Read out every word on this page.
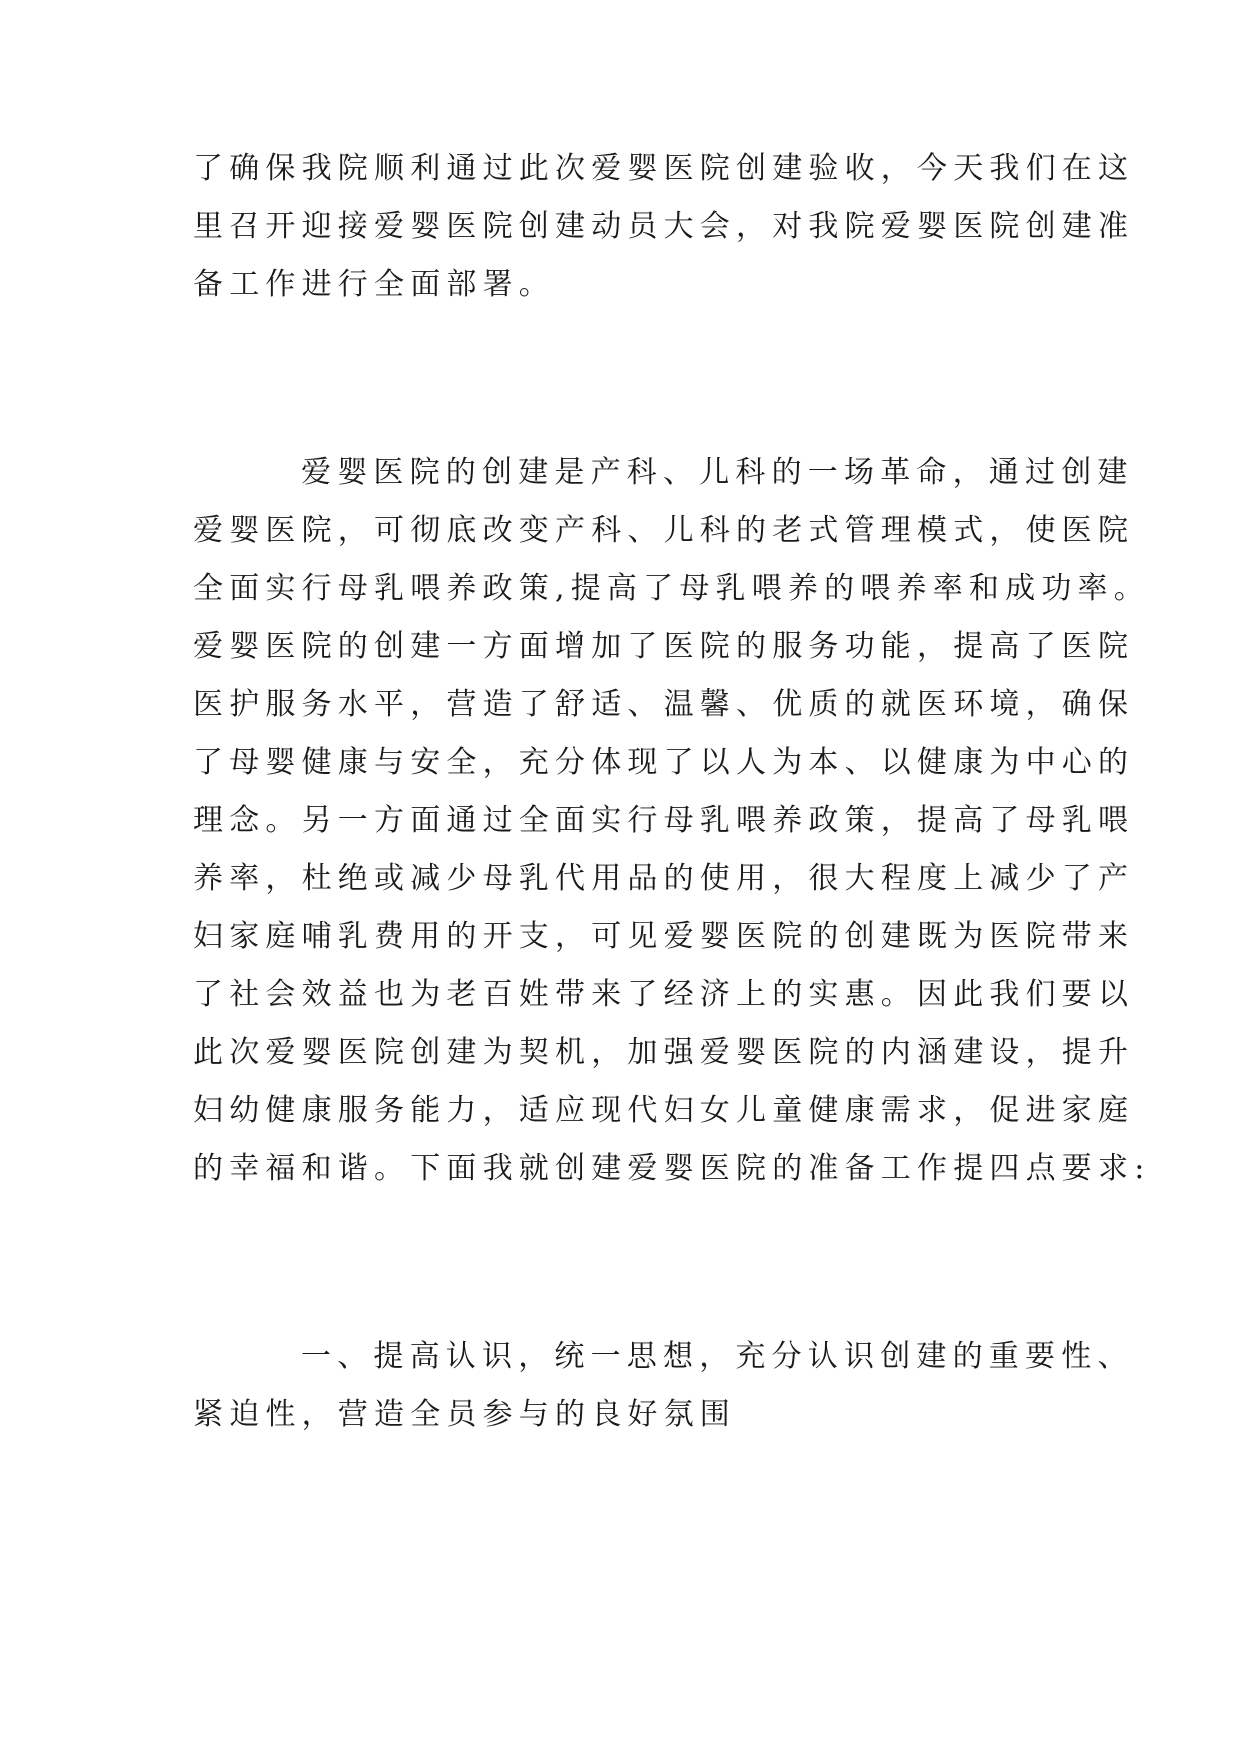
了确保我院顺利通过此次爱婴医院创建验收，今天我们在这
里召开迎接爱婴医院创建动员大会，对我院爱婴医院创建准
备工作进行全面部署。
爱婴医院的创建是产科、儿科的一场革命，通过创建
爱婴医院，可彻底改变产科、儿科的老式管理模式，使医院
全面实行母乳喂养政策,提高了母乳喂养的喂养率和成功率。
爱婴医院的创建一方面增加了医院的服务功能，提高了医院
医护服务水平，营造了舒适、温馨、优质的就医环境，确保
了母婴健康与安全，充分体现了以人为本、以健康为中心的
理念。另一方面通过全面实行母乳喂养政策，提高了母乳喂
养率，杜绝或减少母乳代用品的使用，很大程度上减少了产
妇家庭哺乳费用的开支，可见爱婴医院的创建既为医院带来
了社会效益也为老百姓带来了经济上的实惠。因此我们要以
此次爱婴医院创建为契机，加强爱婴医院的内涵建设，提升
妇幼健康服务能力，适应现代妇女儿童健康需求，促进家庭
的幸福和谐。下面我就创建爱婴医院的准备工作提四点要求:
一、提高认识，统一思想，充分认识创建的重要性、
紧迫性，营造全员参与的良好氛围
